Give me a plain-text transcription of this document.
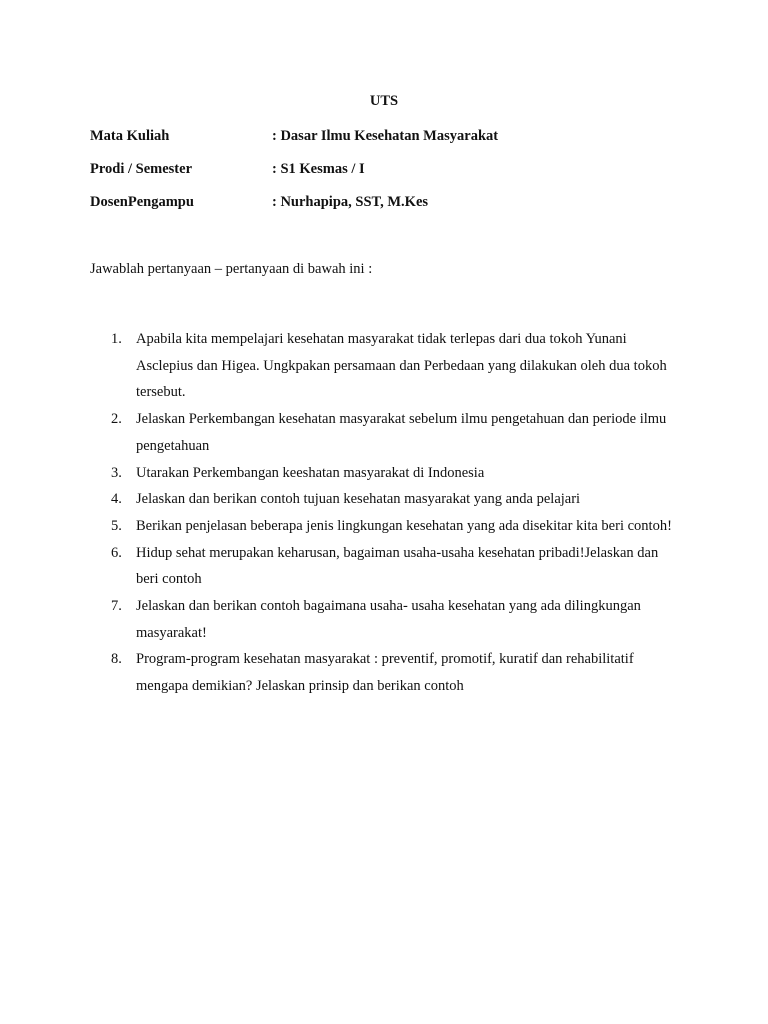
UTS
Mata Kuliah	: Dasar Ilmu Kesehatan Masyarakat
Prodi / Semester	: S1 Kesmas / I
DosenPengampu	: Nurhapipa, SST, M.Kes

Jawablah pertanyaan – pertanyaan di bawah ini :

1. Apabila kita mempelajari kesehatan masyarakat tidak terlepas dari dua tokoh Yunani Asclepius dan Higea. Ungkpakan persamaan dan Perbedaan yang dilakukan oleh dua tokoh tersebut.
2. Jelaskan Perkembangan kesehatan masyarakat sebelum ilmu pengetahuan dan periode ilmu pengetahuan
3. Utarakan Perkembangan keeshatan masyarakat di Indonesia
4. Jelaskan dan berikan contoh tujuan kesehatan masyarakat yang anda pelajari
5. Berikan penjelasan beberapa jenis lingkungan kesehatan yang ada disekitar kita beri contoh!
6. Hidup sehat merupakan keharusan, bagaiman usaha-usaha kesehatan pribadi!Jelaskan dan beri contoh
7. Jelaskan dan berikan contoh bagaimana usaha- usaha kesehatan yang ada dilingkungan masyarakat!
8. Program-program kesehatan masyarakat : preventif, promotif, kuratif dan rehabilitatif mengapa demikian? Jelaskan prinsip dan berikan contoh
